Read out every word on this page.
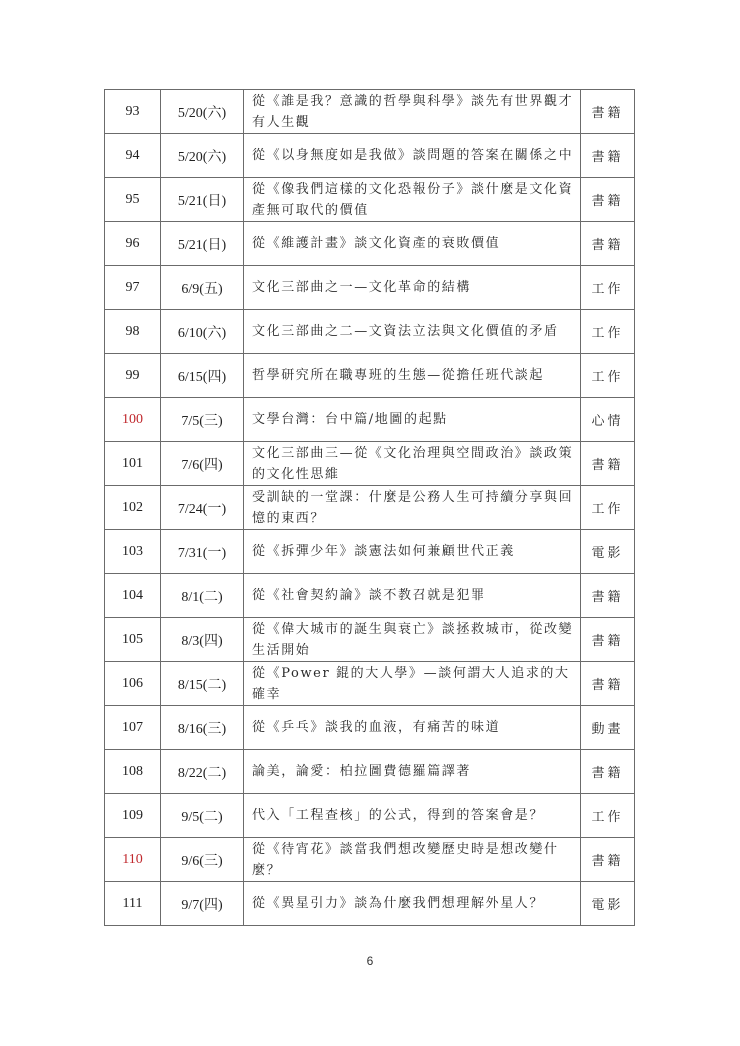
93	5/20(六)	從《誰是我？意識的哲學與科學》談先有世界觀才有人生觀	書籍
94	5/20(六)	從《以身無度如是我做》談問題的答案在關係之中	書籍
95	5/21(日)	從《像我們這樣的文化恐報份子》談什麼是文化資產無可取代的價值	書籍
96	5/21(日)	從《維護計畫》談文化資產的衰敗價值	書籍
97	6/9(五)	文化三部曲之一—文化革命的結構	工作
98	6/10(六)	文化三部曲之二—文資法立法與文化價值的矛盾	工作
99	6/15(四)	哲學研究所在職專班的生態—從擔任班代談起	工作
100	7/5(三)	文學台灣：台中篇/地圖的起點	心情
101	7/6(四)	文化三部曲三—從《文化治理與空間政治》談政策的文化性思維	書籍
102	7/24(一)	受訓缺的一堂課：什麼是公務人生可持續分享與回憶的東西？	工作
103	7/31(一)	從《拆彈少年》談憲法如何兼顧世代正義	電影
104	8/1(二)	從《社會契約論》談不教召就是犯罪	書籍
105	8/3(四)	從《偉大城市的誕生與衰亡》談拯救城市，從改變生活開始	書籍
106	8/15(二)	從《Power 錕的大人學》—談何謂大人追求的大確幸	書籍
107	8/16(三)	從《乒乓》談我的血液，有痛苦的味道	動畫
108	8/22(二)	論美，論愛：柏拉圖費德羅篇譯著	書籍
109	9/5(二)	代入「工程查核」的公式，得到的答案會是？	工作
110	9/6(三)	從《待宵花》談當我們想改變歷史時是想改變什麼？	書籍
111	9/7(四)	從《異星引力》談為什麼我們想理解外星人？	電影
6
